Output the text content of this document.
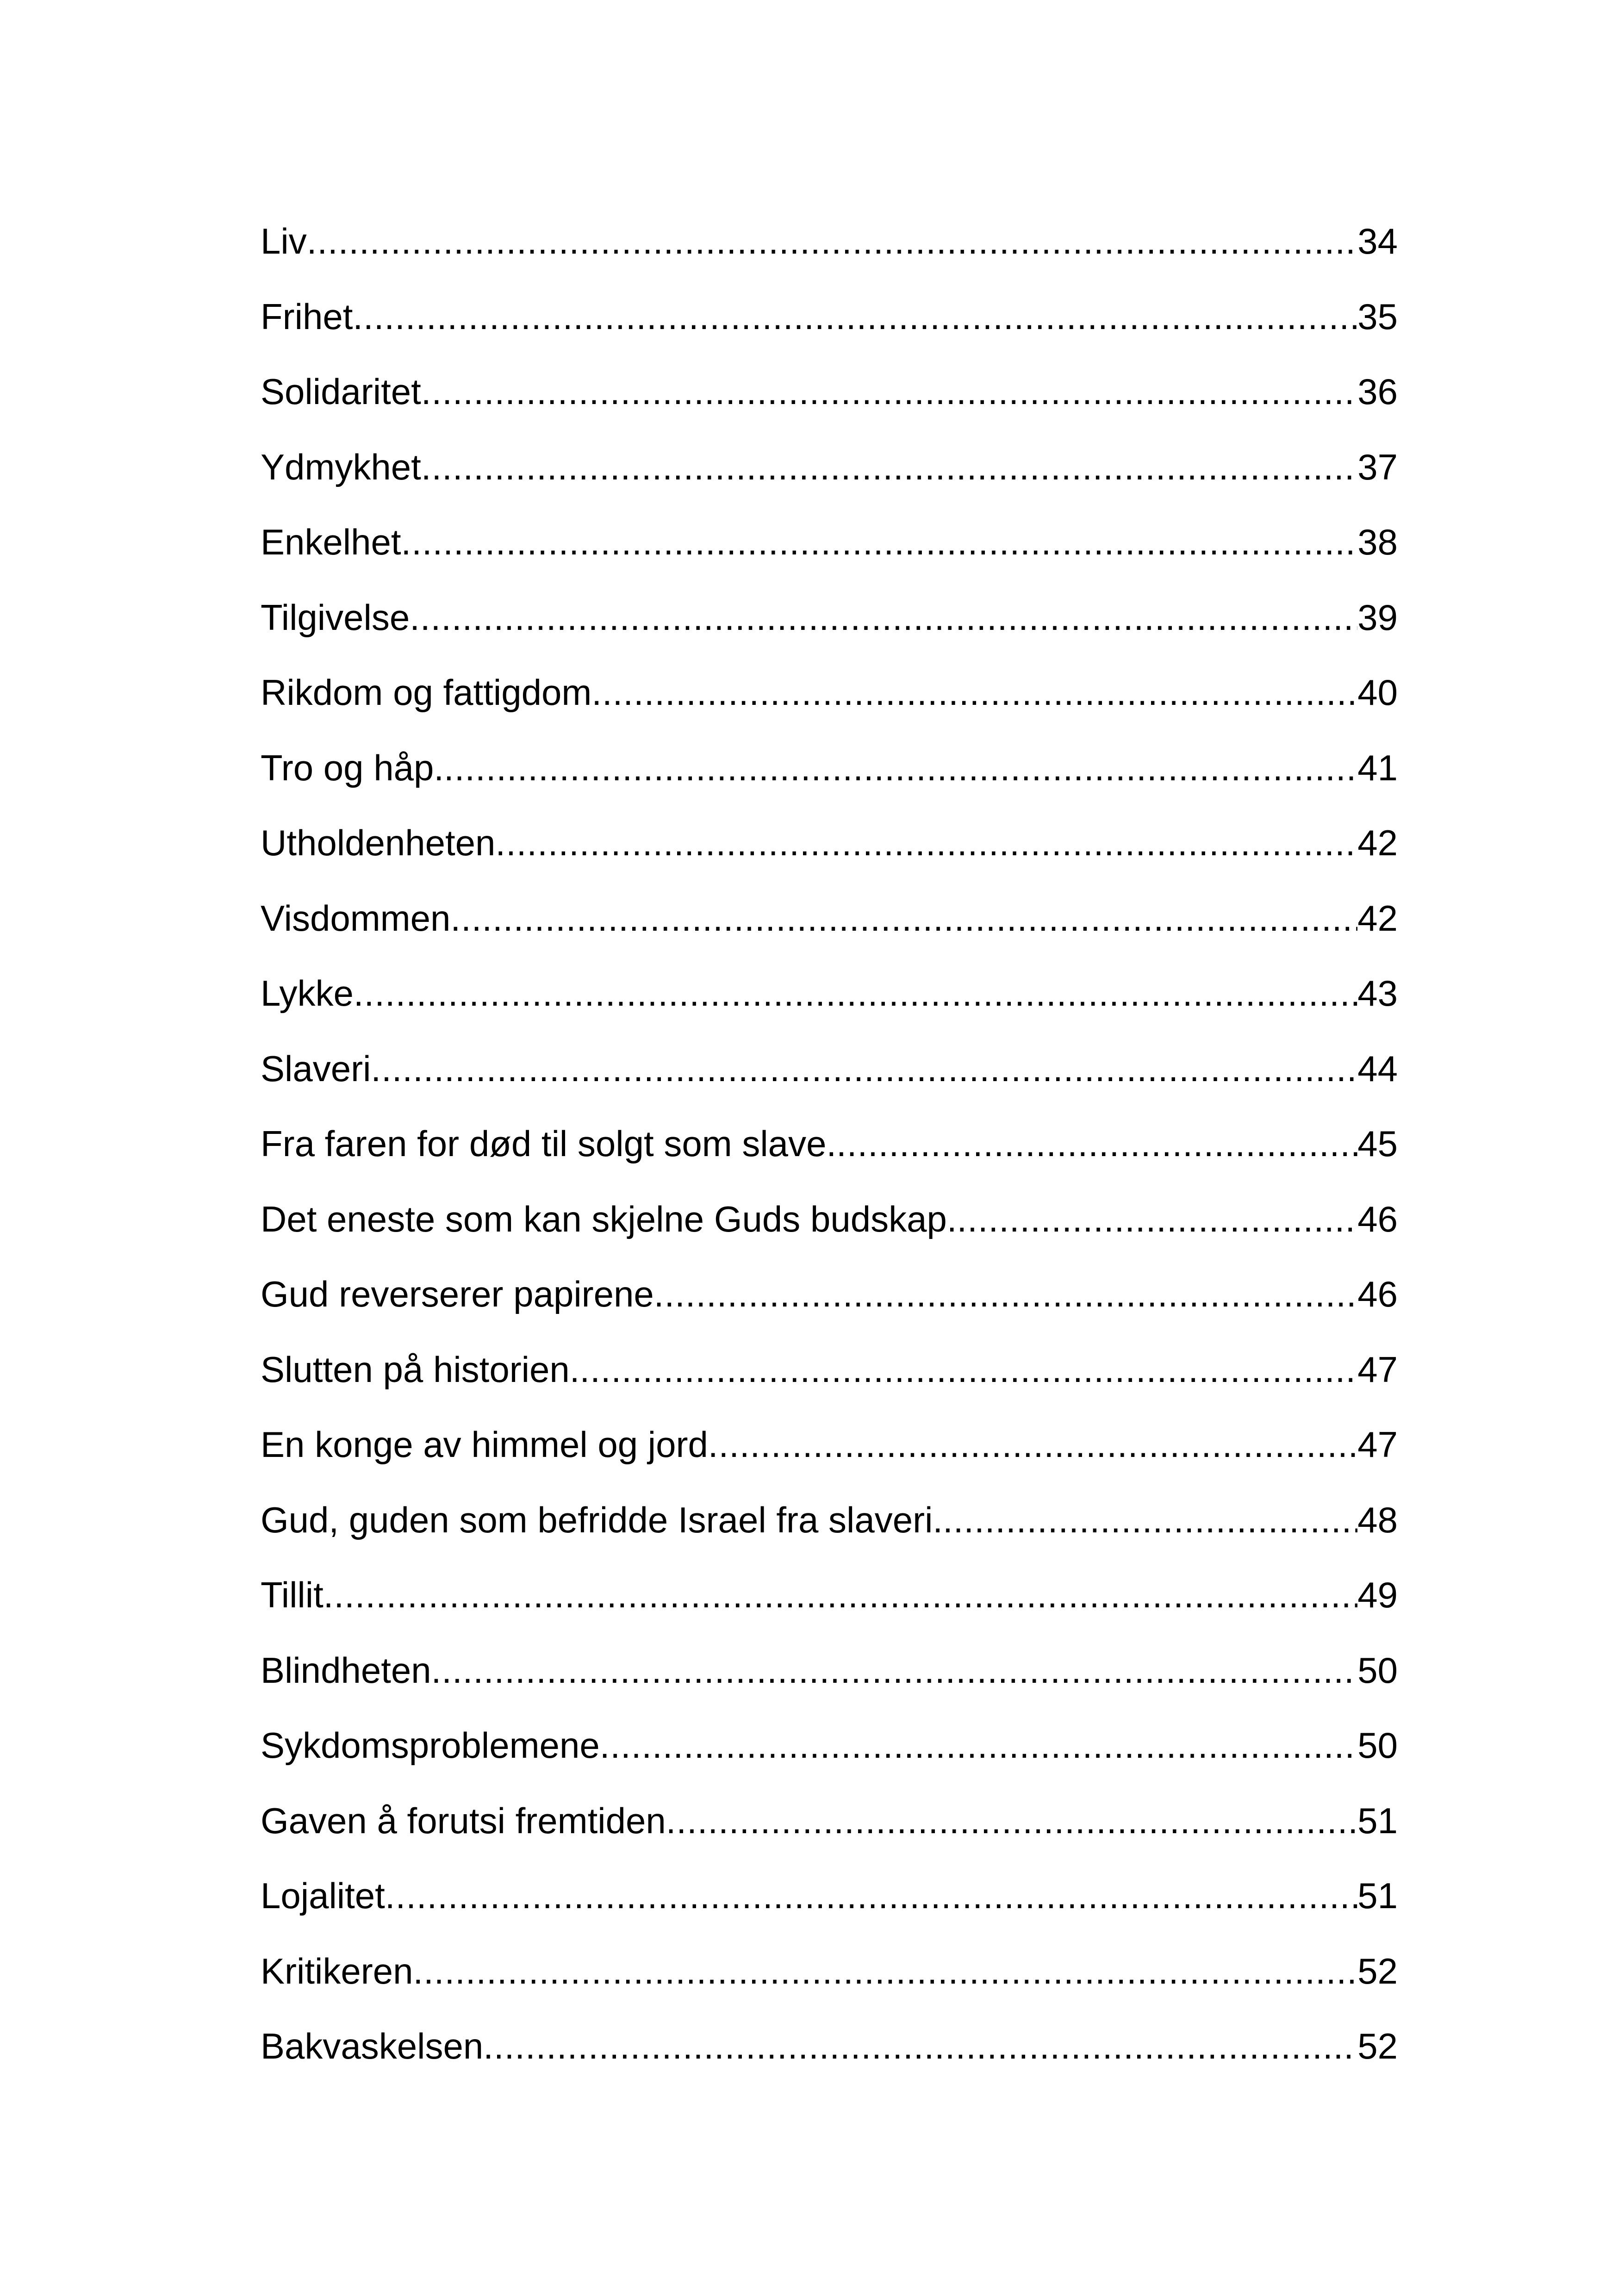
Liv .....	34
Frihet .....	35
Solidaritet .....	36
Ydmykhet .....	37
Enkelhet .....	38
Tilgivelse .....	39
Rikdom og fattigdom .....	40
Tro og håp. .....	41
Utholdenheten .....	42
Visdommen .....	42
Lykke .....	43
Slaveri .....	44
Fra faren for død til solgt som slave. .....	45
Det eneste som kan skjelne Guds budskap. .....	46
Gud reverserer papirene .....	46
Slutten på historien. .....	47
En konge av himmel og jord .....	47
Gud, guden som befridde Israel fra slaveri. .....	48
Tillit .....	49
Blindheten .....	50
Sykdomsproblemene .....	50
Gaven å forutsi fremtiden .....	51
Lojalitet .....	51
Kritikeren .....	52
Bakvaskelsen .....	52
